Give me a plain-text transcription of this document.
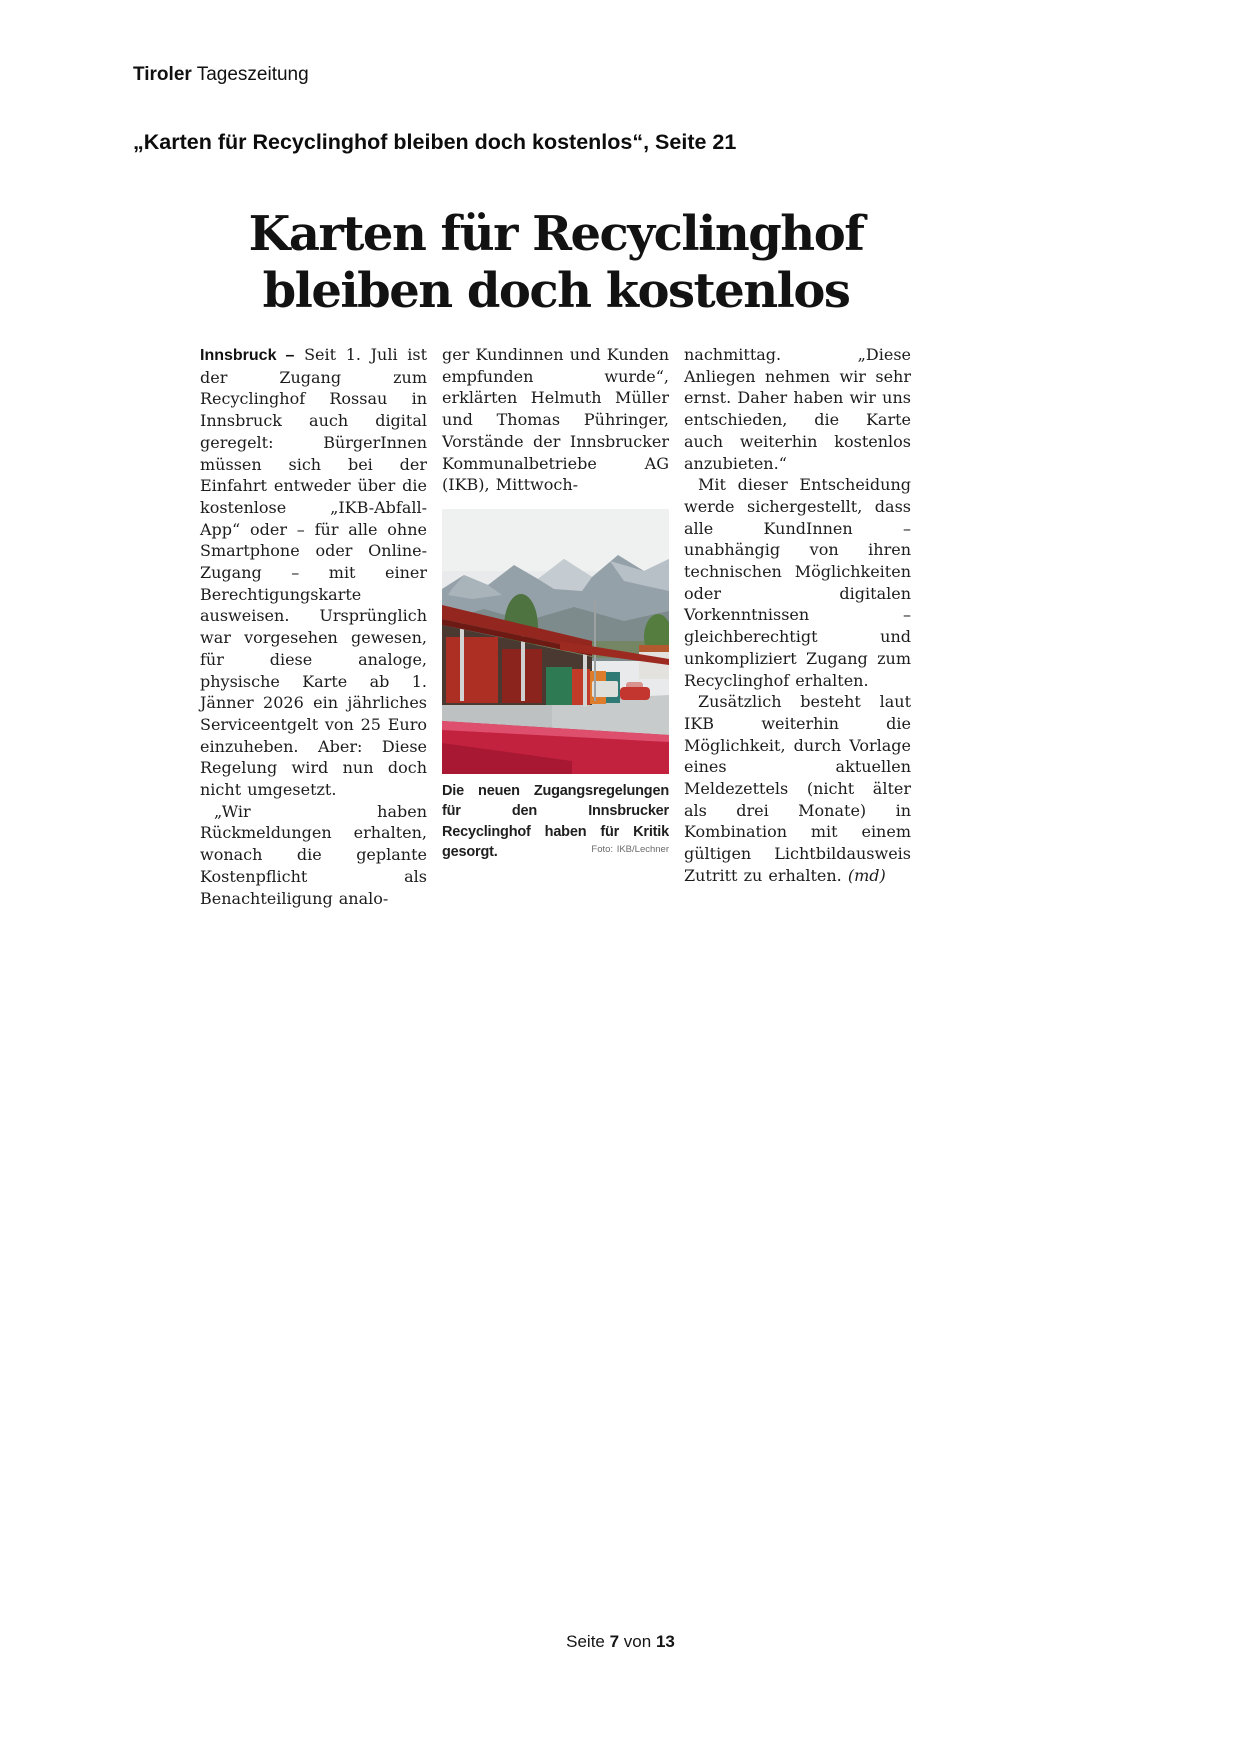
Tiroler Tageszeitung
„Karten für Recyclinghof bleiben doch kostenlos“, Seite 21
Karten für Recyclinghof
bleiben doch kostenlos

Innsbruck – Seit 1. Juli ist der Zugang zum Recyclinghof Rossau in Innsbruck auch digital geregelt: BürgerInnen müssen sich bei der Einfahrt entweder über die kostenlose „IKB-Abfall-App“ oder – für alle ohne Smartphone oder Online-Zugang – mit einer Berechtigungskarte ausweisen. Ursprünglich war vorgesehen gewesen, für diese analoge, physische Karte ab 1. Jänner 2026 ein jährliches Serviceentgelt von 25 Euro einzuheben. Aber: Diese Regelung wird nun doch nicht umgesetzt.

„Wir haben Rückmeldungen erhalten, wonach die geplante Kostenpflicht als Benachteiligung analo-

ger Kundinnen und Kunden empfunden wurde“, erklärten Helmuth Müller und Thomas Pühringer, Vorstände der Innsbrucker Kommunalbetriebe AG (IKB), Mittwoch-

Die neuen Zugangsregelungen für den Innsbrucker Recyclinghof haben für Kritik gesorgt.	Foto: IKB/Lechner

nachmittag. „Diese Anliegen nehmen wir sehr ernst. Daher haben wir uns entschieden, die Karte auch weiterhin kostenlos anzubieten.“

Mit dieser Entscheidung werde sichergestellt, dass alle KundInnen – unabhängig von ihren technischen Möglichkeiten oder digitalen Vorkenntnissen – gleichberechtigt und unkompliziert Zugang zum Recyclinghof erhalten.

Zusätzlich besteht laut IKB weiterhin die Möglichkeit, durch Vorlage eines aktuellen Meldezettels (nicht älter als drei Monate) in Kombination mit einem gültigen Lichtbildausweis Zutritt zu erhalten. (md)

Seite 7 von 13
